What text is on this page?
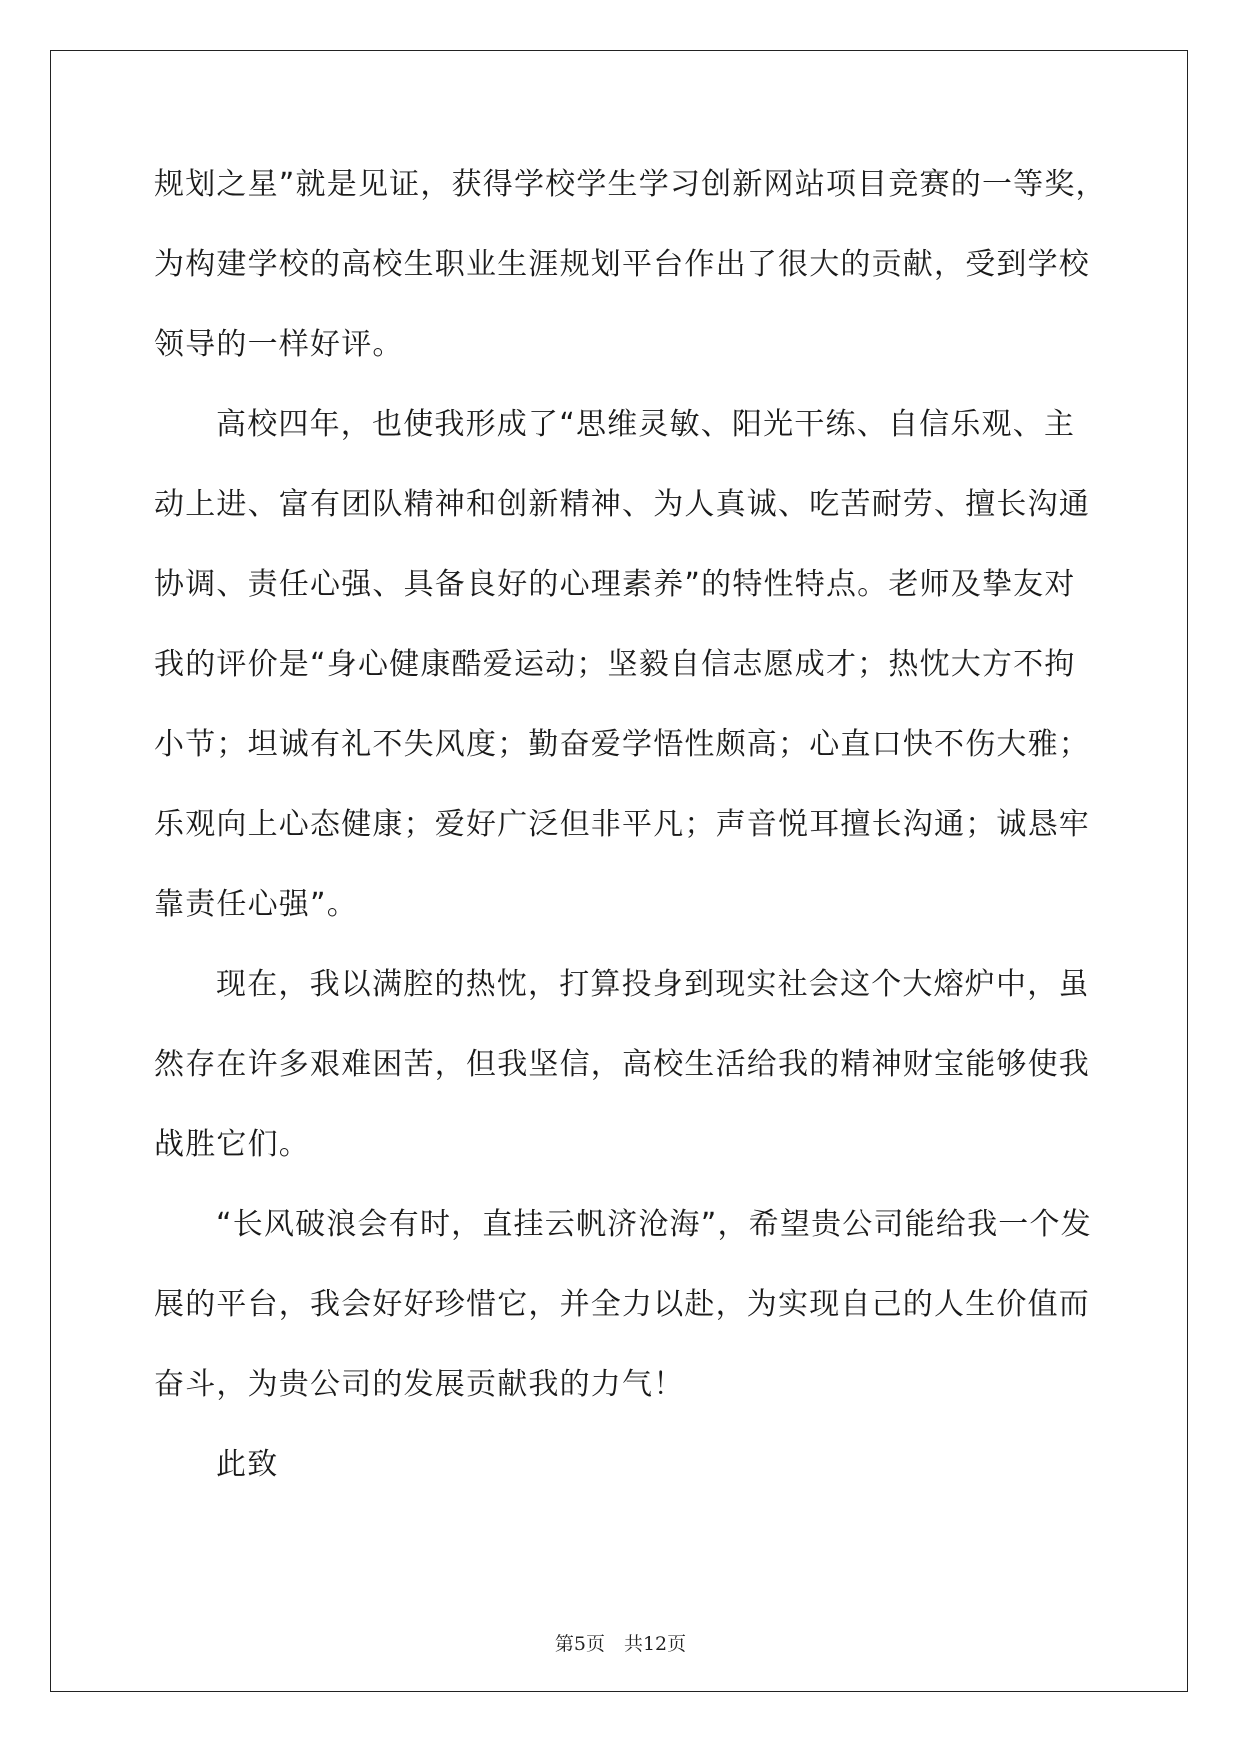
规划之星”就是见证，获得学校学生学习创新网站项目竞赛的一等奖，
为构建学校的高校生职业生涯规划平台作出了很大的贡献，受到学校
领导的一样好评。
高校四年，也使我形成了“思维灵敏、阳光干练、自信乐观、主
动上进、富有团队精神和创新精神、为人真诚、吃苦耐劳、擅长沟通
协调、责任心强、具备良好的心理素养”的特性特点。老师及挚友对
我的评价是“身心健康酷爱运动；坚毅自信志愿成才；热忱大方不拘
小节；坦诚有礼不失风度；勤奋爱学悟性颇高；心直口快不伤大雅；
乐观向上心态健康；爱好广泛但非平凡；声音悦耳擅长沟通；诚恳牢
靠责任心强”。
现在，我以满腔的热忱，打算投身到现实社会这个大熔炉中，虽
然存在许多艰难困苦，但我坚信，高校生活给我的精神财宝能够使我
战胜它们。
“长风破浪会有时，直挂云帆济沧海”，希望贵公司能给我一个发
展的平台，我会好好珍惜它，并全力以赴，为实现自己的人生价值而
奋斗，为贵公司的发展贡献我的力气！
此致
第5页　共12页
